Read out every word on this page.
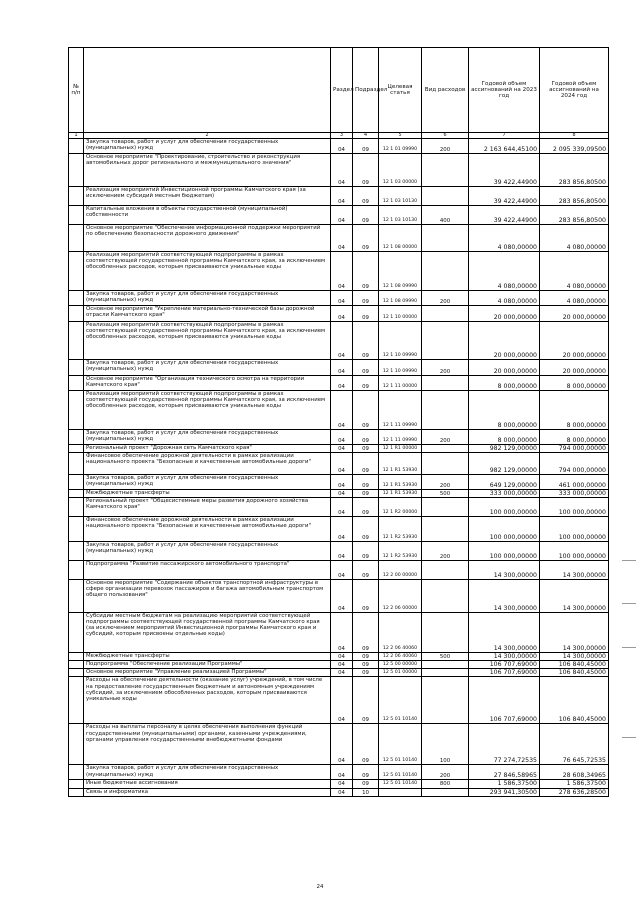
№ п/п		Раздел	Подраздел	Целевая статья	Вид расходов	Годовой объем ассигнований на 2023 год	Годовой объем ассигнований на 2024 год
1	2	3	4	5	6	7	8
	Закупка товаров, работ и услуг для обеспечения государственных (муниципальных) нужд	04	09	12 1 01 09990	200	2 163 644,45100	2 095 339,09500
	Основное мероприятие "Проектирование, строительство и реконструкция автомобильных дорог регионального и межмуниципального значения"	04	09	12 1 03 00000		39 422,44900	283 856,80500
	Реализация мероприятий Инвестиционной программы Камчатского края (за исключением субсидий местным бюджетам)	04	09	12 1 03 10130		39 422,44900	283 856,80500
	Капитальные вложения в объекты государственной (муниципальной) собственности	04	09	12 1 03 10130	400	39 422,44900	283 856,80500
	Основное мероприятие "Обеспечение информационной поддержки мероприятий по обеспечению безопасности дорожного движения"	04	09	12 1 08 00000		4 080,00000	4 080,00000
	Реализация мероприятий соответствующей подпрограммы в рамках соответствующей государственной программы Камчатского края, за исключением обособленных расходов, которым присваиваются уникальные коды	04	09	12 1 08 09990		4 080,00000	4 080,00000
	Закупка товаров, работ и услуг для обеспечения государственных (муниципальных) нужд	04	09	12 1 08 09990	200	4 080,00000	4 080,00000
	Основное мероприятие "Укрепление материально-технической базы дорожной отрасли Камчатского края"	04	09	12 1 10 00000		20 000,00000	20 000,00000
	Реализация мероприятий соответствующей подпрограммы в рамках соответствующей государственной программы Камчатского края, за исключением обособленных расходов, которым присваиваются уникальные коды	04	09	12 1 10 09990		20 000,00000	20 000,00000
	Закупка товаров, работ и услуг для обеспечения государственных (муниципальных) нужд	04	09	12 1 10 09990	200	20 000,00000	20 000,00000
	Основное мероприятие "Организация технического осмотра на территории Камчатского края"	04	09	12 1 11 00000		8 000,00000	8 000,00000
	Реализация мероприятий соответствующей подпрограммы в рамках соответствующей государственной программы Камчатского края, за исключением обособленных расходов, которым присваиваются уникальные коды	04	09	12 1 11 09990		8 000,00000	8 000,00000
	Закупка товаров, работ и услуг для обеспечения государственных (муниципальных) нужд	04	09	12 1 11 09990	200	8 000,00000	8 000,00000
	Региональный проект "Дорожная сеть Камчатского края"	04	09	12 1 R1 00000		982 129,00000	794 000,00000
	Финансовое обеспечение дорожной деятельности в рамках реализации национального проекта "Безопасные и качественные автомобильные дороги"	04	09	12 1 R1 53930		982 129,00000	794 000,00000
	Закупка товаров, работ и услуг для обеспечения государственных (муниципальных) нужд	04	09	12 1 R1 53930	200	649 129,00000	461 000,00000
	Межбюджетные трансферты	04	09	12 1 R1 53930	500	333 000,00000	333 000,00000
	Региональный проект "Общесистемные меры развития дорожного хозяйства Камчатского края"	04	09	12 1 R2 00000		100 000,00000	100 000,00000
	Финансовое обеспечение дорожной деятельности в рамках реализации национального проекта "Безопасные и качественные автомобильные дороги"	04	09	12 1 R2 53930		100 000,00000	100 000,00000
	Закупка товаров, работ и услуг для обеспечения государственных (муниципальных) нужд	04	09	12 1 R2 53930	200	100 000,00000	100 000,00000
	Подпрограмма "Развитие пассажирского автомобильного транспорта"	04	09	12 2 00 00000		14 300,00000	14 300,00000
	Основное мероприятие "Содержание объектов транспортной инфраструктуры в сфере организации перевозок пассажиров и багажа автомобильным транспортом общего пользования"	04	09	12 2 06 00000		14 300,00000	14 300,00000
	Субсидии местным бюджетам на реализацию мероприятий соответствующей подпрограммы соответствующей государственной программы Камчатского края (за исключением мероприятий Инвестиционной программы Камчатского края и субсидий, которым присвоены отдельные коды)	04	09	12 2 06 40060		14 300,00000	14 300,00000
	Межбюджетные трансферты	04	09	12 2 06 40060	500	14 300,00000	14 300,00000
	Подпрограмма "Обеспечение реализации Программы"	04	09	12 5 00 00000		106 707,69000	106 840,45000
	Основное мероприятие "Управление реализацией Программы"	04	09	12 5 01 00000		106 707,69000	106 840,45000
	Расходы на обеспечение деятельности (оказание услуг) учреждений, в том числе на предоставление государственным бюджетным и автономным учреждениям субсидий, за исключением обособленных расходов, которым присваиваются уникальные коды	04	09	12 5 01 10140		106 707,69000	106 840,45000
	Расходы на выплаты персоналу в целях обеспечения выполнения функций государственными (муниципальными) органами, казенными учреждениями, органами управления государственными внебюджетными фондами	04	09	12 5 01 10140	100	77 274,72535	76 645,72535
	Закупка товаров, работ и услуг для обеспечения государственных (муниципальных) нужд	04	09	12 5 01 10140	200	27 846,58965	28 608,34965
	Иные бюджетные ассигнования	04	09	12 5 01 10140	800	1 586,37500	1 586,37500
	Связь и информатика	04	10			293 941,30500	278 636,28500
24
